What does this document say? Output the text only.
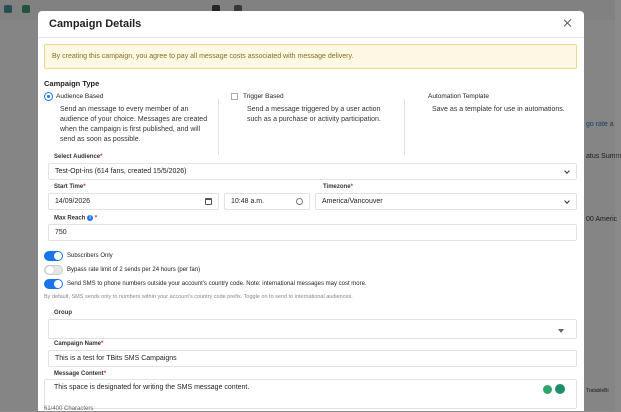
go rate a
atus Summ
00 Americ
TratableBi
Campaign Details
By creating this campaign, you agree to pay all message costs associated with message delivery.
Campaign Type
Audience Based
Send an message to every member of an audience of your choice. Messages are created when the campaign is first published, and will send as soon as possible.
Trigger Based
Send a message triggered by a user action such as a purchase or activity participation.
Automation Template
Save as a template for use in automations.
Select Audience*
Test-Opt-ins (614 fans, created 15/5/2026)
Start Time*
14/09/2026	10:48 a.m.
Timezone*
America/Vancouver
Max Reach i *
750
Subscribers Only
Bypass rate limit of 2 sends per 24 hours (per fan)
Send SMS to phone numbers outside your account's country code. Note: international messages may cost more.
By default, SMS sends only to numbers within your account's country code prefix. Toggle on to send to international audiences.
Group
Campaign Name*
This is a test for TBits SMS Campaigns
Message Content*
This space is designated for writing the SMS message content.
61/400 Characters
